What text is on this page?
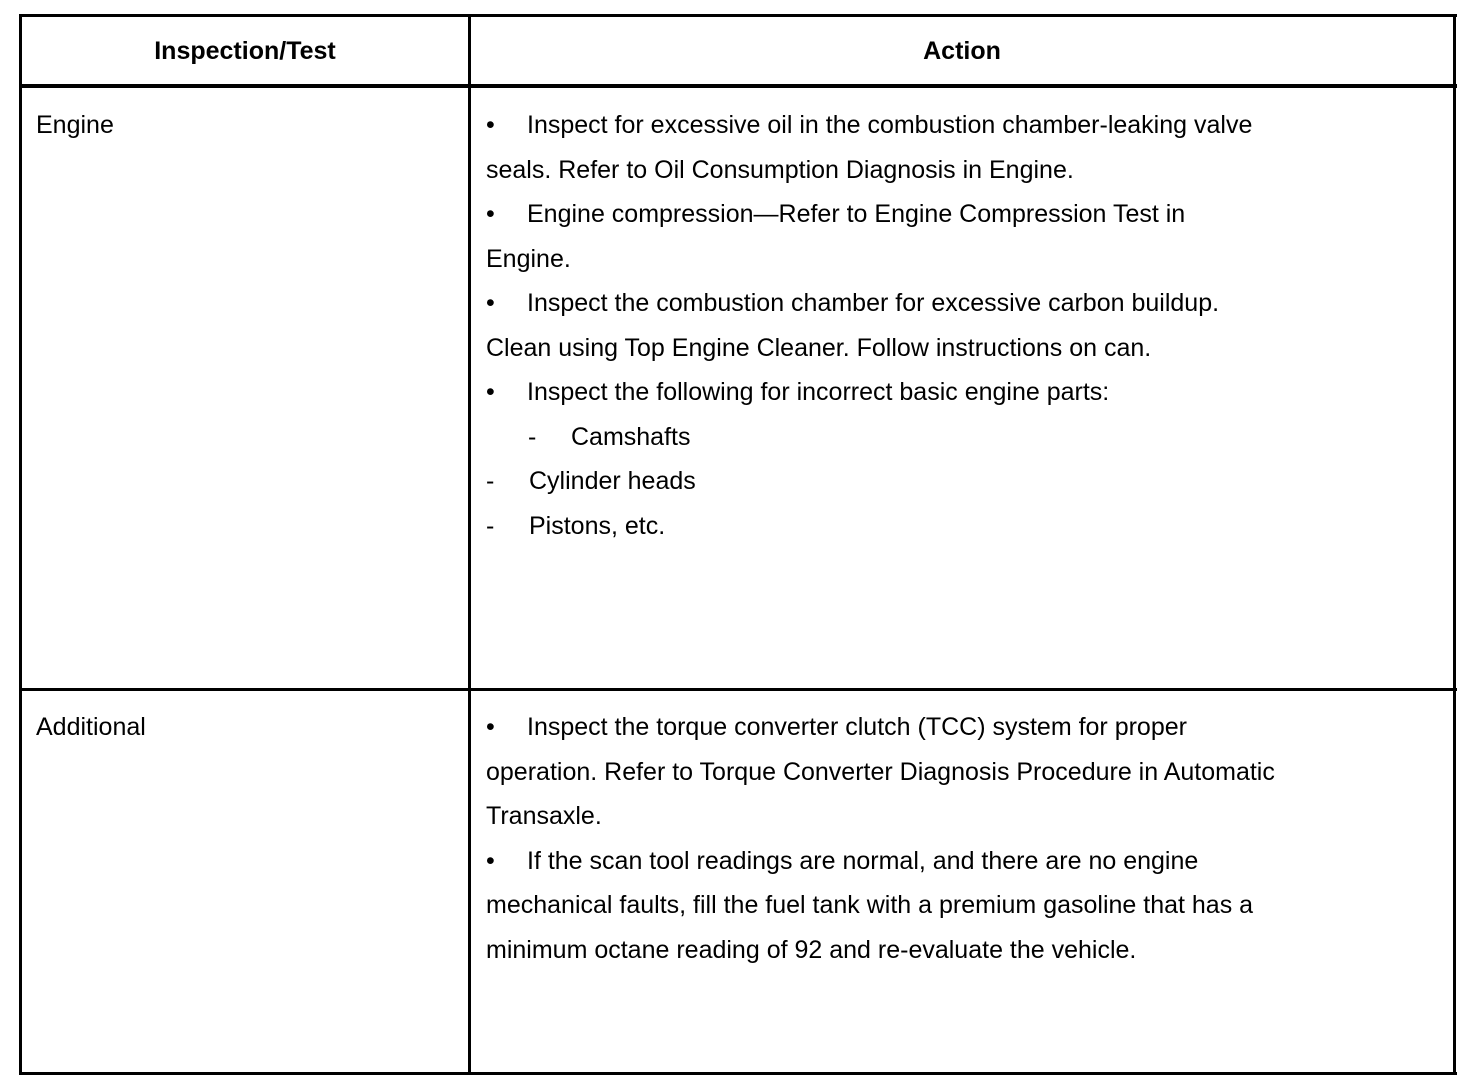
Inspection/Test	Action
Engine
Additional
• Inspect for excessive oil in the combustion chamber-leaking valve
seals. Refer to Oil Consumption Diagnosis in Engine.
• Engine compression—Refer to Engine Compression Test in
Engine.
• Inspect the combustion chamber for excessive carbon buildup.
Clean using Top Engine Cleaner. Follow instructions on can.
• Inspect the following for incorrect basic engine parts:
- Camshafts
- Cylinder heads
- Pistons, etc.
• Inspect the torque converter clutch (TCC) system for proper
operation. Refer to Torque Converter Diagnosis Procedure in Automatic
Transaxle.
• If the scan tool readings are normal, and there are no engine
mechanical faults, fill the fuel tank with a premium gasoline that has a
minimum octane reading of 92 and re-evaluate the vehicle.
